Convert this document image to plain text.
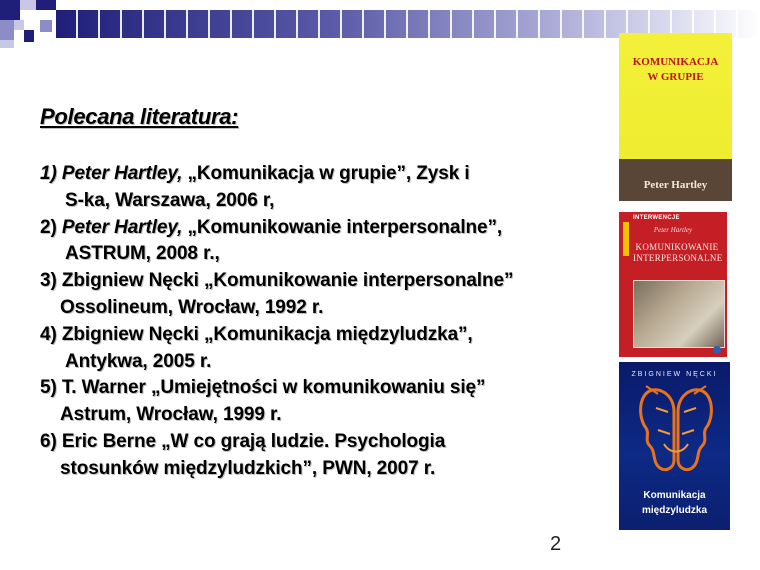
Polecana literatura:
1) Peter Hartley, „Komunikacja w grupie”, Zysk i
S-ka, Warszawa, 2006 r,
2) Peter Hartley, „Komunikowanie interpersonalne”,
ASTRUM, 2008 r.,
3) Zbigniew Nęcki „Komunikowanie interpersonalne”
Ossolineum, Wrocław, 1992 r.
4) Zbigniew Nęcki „Komunikacja międzyludzka”,
Antykwa, 2005 r.
5) T. Warner „Umiejętności w komunikowaniu się”
Astrum, Wrocław, 1999 r.
6) Eric Berne „W co grają ludzie. Psychologia
stosunków międzyludzkich”, PWN, 2007 r.
KOMUNIKACJA
W GRUPIE
Peter Hartley
INTERWENCJE
Peter Hartley
KOMUNIKOWANIE
INTERPERSONALNE
ZBIGNIEW NĘCKI
Komunikacja
międzyludzka
2
